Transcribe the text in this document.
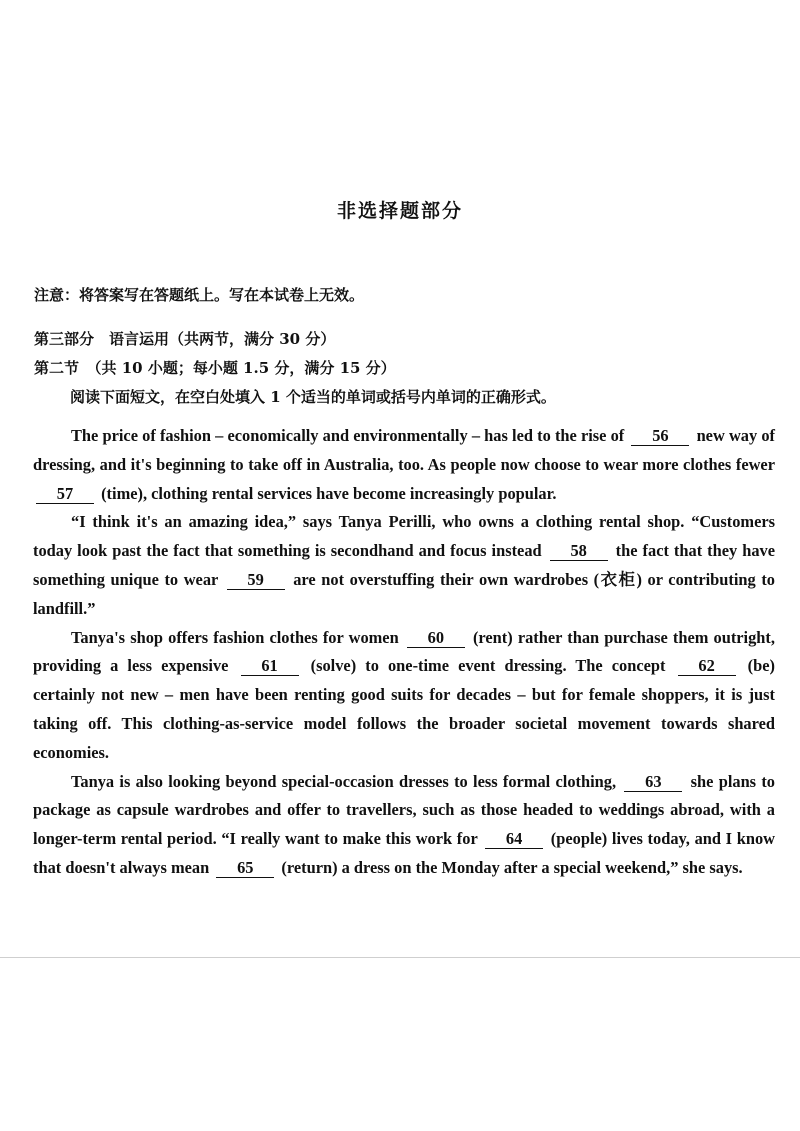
非选择题部分
注意：将答案写在答题纸上。写在本试卷上无效。
第三部分　语言运用（共两节，满分 30 分）
第二节　（共 10 小题；每小题 1.5 分，满分 15 分）
阅读下面短文，在空白处填入 1 个适当的单词或括号内单词的正确形式。

The price of fashion – economically and environmentally – has led to the rise of 56 new way of dressing, and it's beginning to take off in Australia, too. As people now choose to wear more clothes fewer 57 (time), clothing rental services have become increasingly popular.

“I think it's an amazing idea,” says Tanya Perilli, who owns a clothing rental shop. “Customers today look past the fact that something is secondhand and focus instead 58 the fact that they have something unique to wear 59 are not overstuffing their own wardrobes (衣柜) or contributing to landfill.”

Tanya's shop offers fashion clothes for women 60 (rent) rather than purchase them outright, providing a less expensive 61 (solve) to one-time event dressing. The concept 62 (be) certainly not new – men have been renting good suits for decades – but for female shoppers, it is just taking off. This clothing-as-service model follows the broader societal movement towards shared economies.

Tanya is also looking beyond special-occasion dresses to less formal clothing, 63 she plans to package as capsule wardrobes and offer to travellers, such as those headed to weddings abroad, with a longer-term rental period. “I really want to make this work for 64 (people) lives today, and I know that doesn't always mean 65 (return) a dress on the Monday after a special weekend,” she says.
